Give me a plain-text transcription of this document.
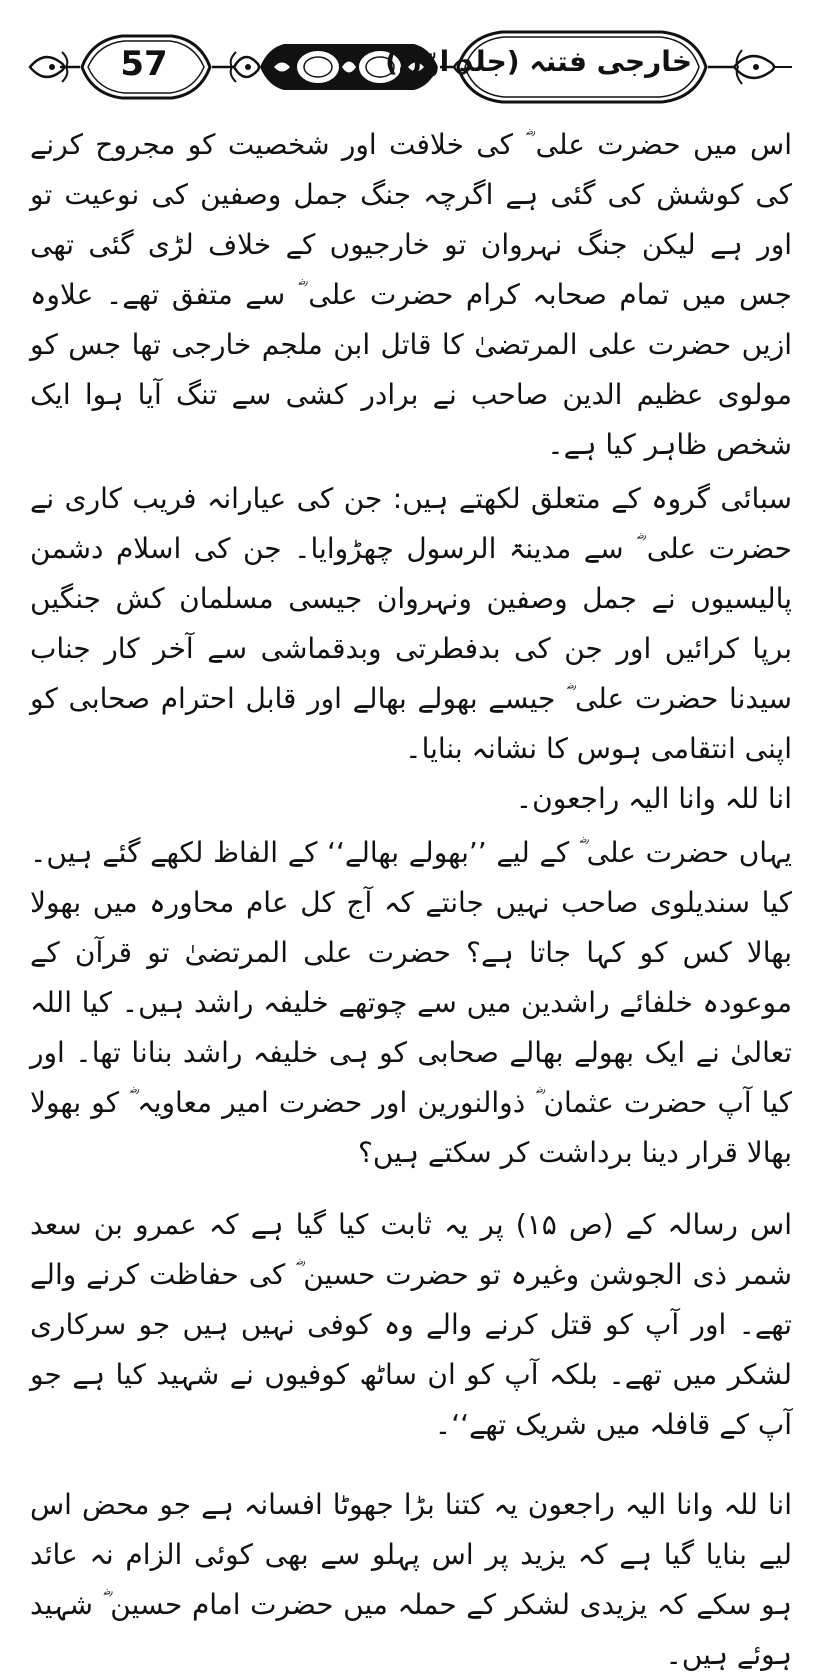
57	خارجی فتنہ (جلد اوّل)

اس میں حضرت علی ؓ کی خلافت اور شخصیت کو مجروح کرنے کی کوشش کی گئی ہے اگرچہ جنگ جمل وصفین کی نوعیت تو اور ہے لیکن جنگ نہروان تو خارجیوں کے خلاف لڑی گئی تھی جس میں تمام صحابہ کرام حضرت علی ؓ سے متفق تھے۔ علاوہ ازیں حضرت علی المرتضیٰ کا قاتل ابن ملجم خارجی تھا جس کو مولوی عظیم الدین صاحب نے برادر کشی سے تنگ آیا ہوا ایک شخص ظاہر کیا ہے۔

سبائی گروہ کے متعلق لکھتے ہیں: جن کی عیارانہ فریب کاری نے حضرت علی ؓ سے مدینۃ الرسول چھڑوایا۔ جن کی اسلام دشمن پالیسیوں نے جمل وصفین ونہروان جیسی مسلمان کش جنگیں برپا کرائیں اور جن کی بدفطرتی وبدقماشی سے آخر کار جناب سیدنا حضرت علی ؓ جیسے بھولے بھالے اور قابل احترام صحابی کو اپنی انتقامی ہوس کا نشانہ بنایا۔

انا للہ وانا الیہ راجعون۔

یہاں حضرت علی ؓ کے لیے ’’بھولے بھالے‘‘ کے الفاظ لکھے گئے ہیں۔ کیا سندیلوی صاحب نہیں جانتے کہ آج کل عام محاورہ میں بھولا بھالا کس کو کہا جاتا ہے؟ حضرت علی المرتضیٰ تو قرآن کے موعودہ خلفائے راشدین میں سے چوتھے خلیفہ راشد ہیں۔ کیا اللہ تعالیٰ نے ایک بھولے بھالے صحابی کو ہی خلیفہ راشد بنانا تھا۔ اور کیا آپ حضرت عثمان ؓ ذوالنورین اور حضرت امیر معاویہ ؓ کو بھولا بھالا قرار دینا برداشت کر سکتے ہیں؟

اس رسالہ کے (ص ۱۵) پر یہ ثابت کیا گیا ہے کہ عمرو بن سعد شمر ذی الجوشن وغیرہ تو حضرت حسین ؓ کی حفاظت کرنے والے تھے۔ اور آپ کو قتل کرنے والے وہ کوفی نہیں ہیں جو سرکاری لشکر میں تھے۔ بلکہ آپ کو ان ساٹھ کوفیوں نے شہید کیا ہے جو آپ کے قافلہ میں شریک تھے‘‘۔

انا للہ وانا الیہ راجعون یہ کتنا بڑا جھوٹا افسانہ ہے جو محض اس لیے بنایا گیا ہے کہ یزید پر اس پہلو سے بھی کوئی الزام نہ عائد ہو سکے کہ یزیدی لشکر کے حملہ میں حضرت امام حسین ؓ شہید ہوئے ہیں۔
